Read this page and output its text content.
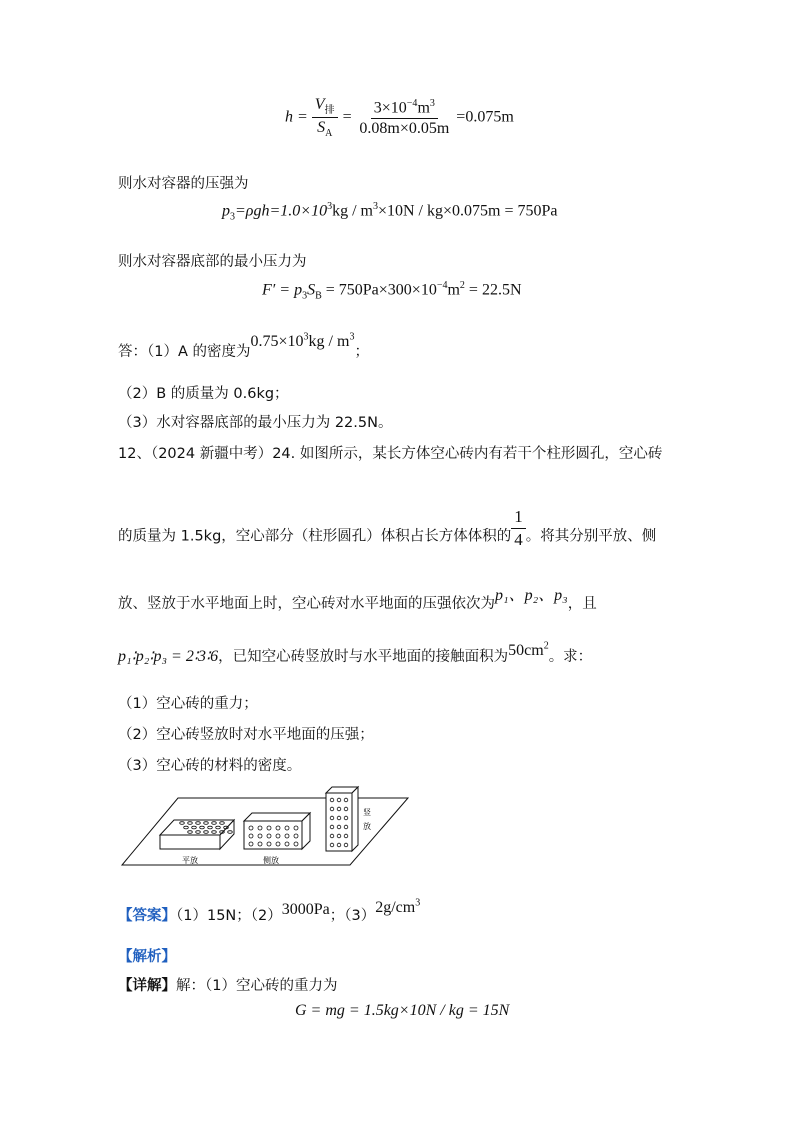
$h = \frac{V_排}{S_A} = \frac{3\times 10^{-4}m^3}{0.08m\times 0.05m} =0.075m$
则水对容器的压强为
$p_3=\rho gh=1.0\times 10^3kg / m^3\times 10N / kg\times 0.075m = 750Pa$
则水对容器底部的最小压力为
$F' = p_3S_B = 750Pa\times 300\times 10^{-4}m^2 = 22.5N$
答：（1）A 的密度为$0.75\times 10^3kg / m^3$；
（2）B 的质量为 0.6kg；
（3）水对容器底部的最小压力为 22.5N。
12、（2024 新疆中考）24. 如图所示，某长方体空心砖内有若干个柱形圆孔，空心砖
的质量为 1.5kg，空心部分（柱形圆孔）体积占长方体体积的 $\frac{1}{4}$ 。将其分别平放、侧
放、竖放于水平地面上时，空心砖对水平地面的压强依次为p₁、p₂、p₃，且
p₁∶p₂∶p₃ = 2∶3∶6，已知空心砖竖放时与水平地面的接触面积为$50cm^2$。求：
（1）空心砖的重力；
（2）空心砖竖放时对水平地面的压强；
（3）空心砖的材料的密度。
平放	侧放
竖
放
【答案】（1）15N；（2）3000Pa；$(3)2g/cm^3$
【解析】
【详解】解：（1）空心砖的重力为
G = mg = 1.5kg×10N / kg = 15N
